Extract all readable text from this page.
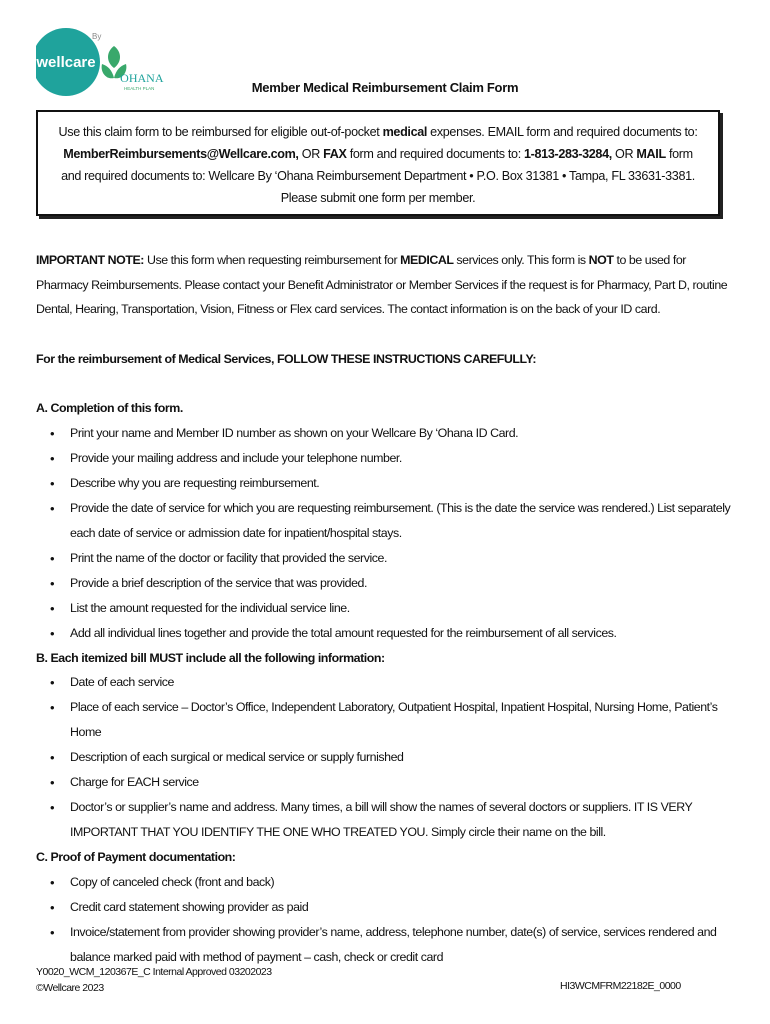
wellcare
By
'OHANA
HEALTH PLAN	Member Medical Reimbursement Claim Form
Use this claim form to be reimbursed for eligible out-of-pocket medical expenses. EMAIL form and required documents to: MemberReimbursements@Wellcare.com, OR FAX form and required documents to: 1-813-283-3284, OR MAIL form and required documents to: Wellcare By ‘Ohana Reimbursement Department • P.O. Box 31381 • Tampa, FL 33631-3381. Please submit one form per member.
IMPORTANT NOTE: Use this form when requesting reimbursement for MEDICAL services only. This form is NOT to be used for Pharmacy Reimbursements. Please contact your Benefit Administrator or Member Services if the request is for Pharmacy, Part D, routine Dental, Hearing, Transportation, Vision, Fitness or Flex card services. The contact information is on the back of your ID card.
For the reimbursement of Medical Services, FOLLOW THESE INSTRUCTIONS CAREFULLY:
A. Completion of this form.
• Print your name and Member ID number as shown on your Wellcare By ‘Ohana ID Card.
• Provide your mailing address and include your telephone number.
• Describe why you are requesting reimbursement.
• Provide the date of service for which you are requesting reimbursement. (This is the date the service was rendered.) List separately each date of service or admission date for inpatient/hospital stays.
• Print the name of the doctor or facility that provided the service.
• Provide a brief description of the service that was provided.
• List the amount requested for the individual service line.
• Add all individual lines together and provide the total amount requested for the reimbursement of all services.
B. Each itemized bill MUST include all the following information:
• Date of each service
• Place of each service – Doctor’s Office, Independent Laboratory, Outpatient Hospital, Inpatient Hospital, Nursing Home, Patient’s Home
• Description of each surgical or medical service or supply furnished
• Charge for EACH service
• Doctor’s or supplier’s name and address. Many times, a bill will show the names of several doctors or suppliers. IT IS VERY IMPORTANT THAT YOU IDENTIFY THE ONE WHO TREATED YOU. Simply circle their name on the bill.
C. Proof of Payment documentation:
• Copy of canceled check (front and back)
• Credit card statement showing provider as paid
• Invoice/statement from provider showing provider’s name, address, telephone number, date(s) of service, services rendered and balance marked paid with method of payment – cash, check or credit card
Y0020_WCM_120367E_C Internal Approved 03202023
©Wellcare 2023	HI3WCMFRM22182E_0000
